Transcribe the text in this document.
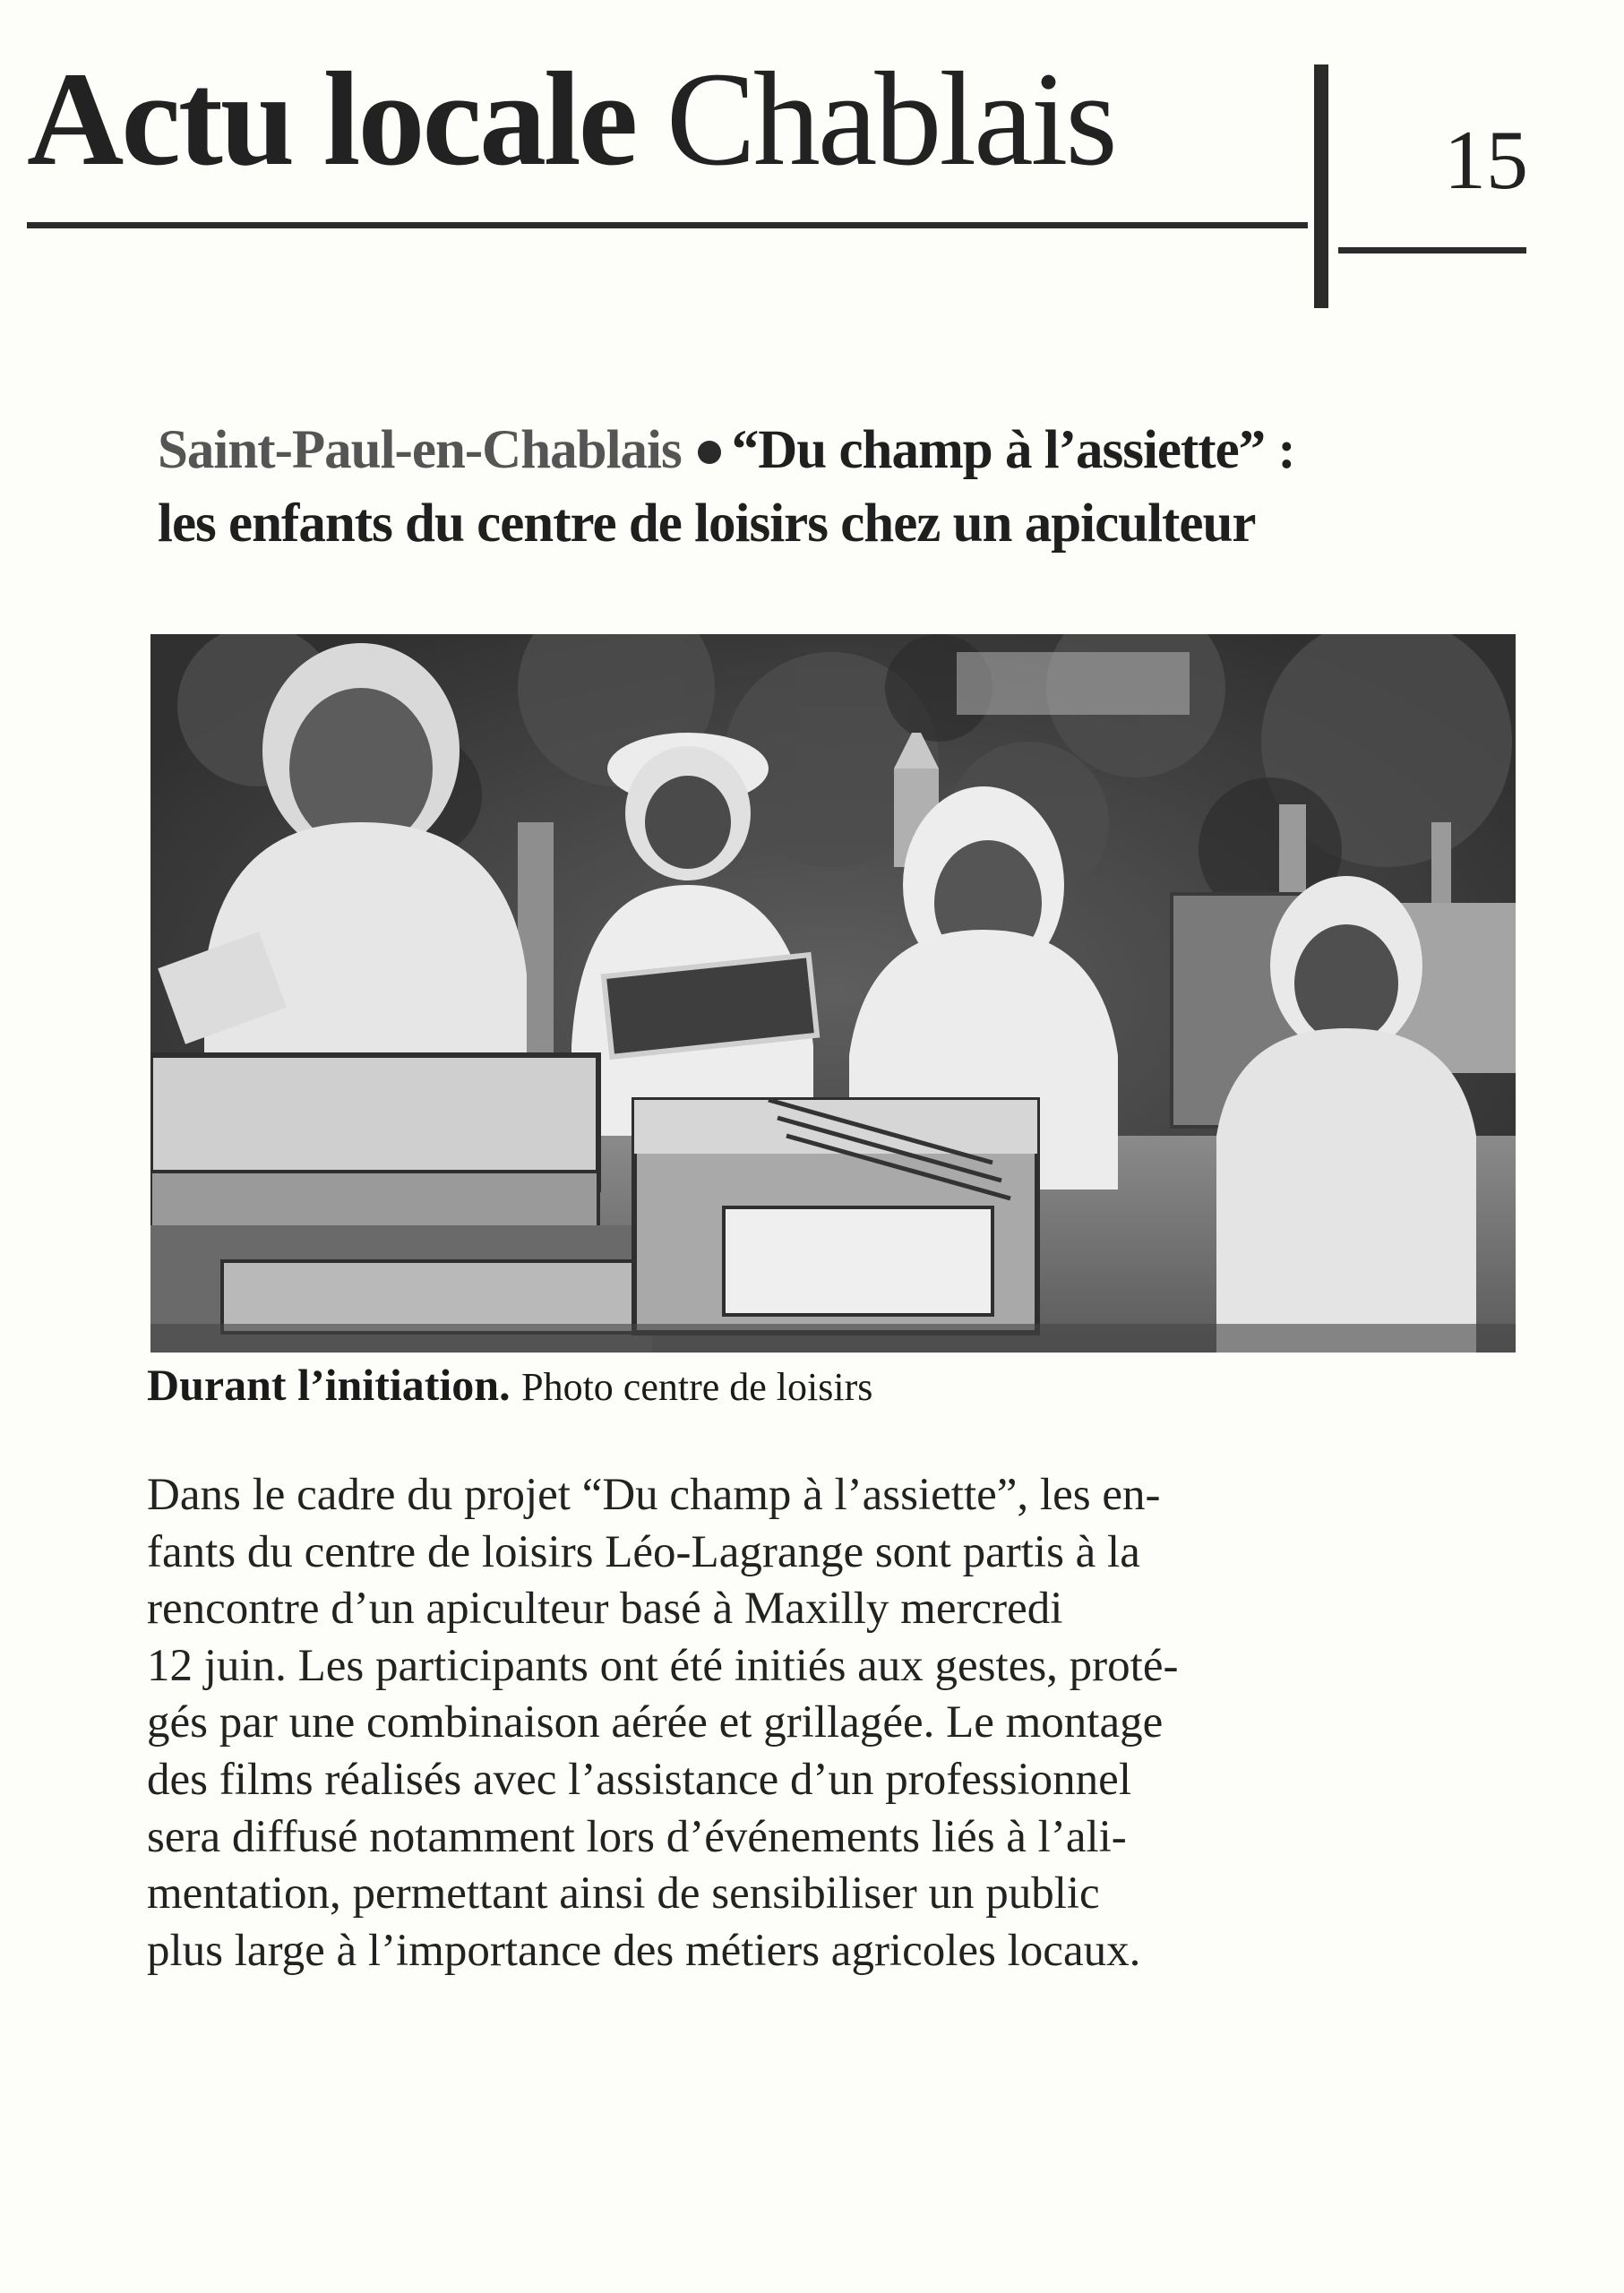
Actu locale Chablais	15
Saint-Paul-en-Chablais “Du champ à l’assiette” :
les enfants du centre de loisirs chez un apiculteur
Durant l’initiation. Photo centre de loisirs
Dans le cadre du projet “Du champ à l’assiette”, les en-
fants du centre de loisirs Léo-Lagrange sont partis à la
rencontre d’un apiculteur basé à Maxilly mercredi
12 juin. Les participants ont été initiés aux gestes, proté-
gés par une combinaison aérée et grillagée. Le montage
des films réalisés avec l’assistance d’un professionnel
sera diffusé notamment lors d’événements liés à l’ali-
mentation, permettant ainsi de sensibiliser un public
plus large à l’importance des métiers agricoles locaux.
